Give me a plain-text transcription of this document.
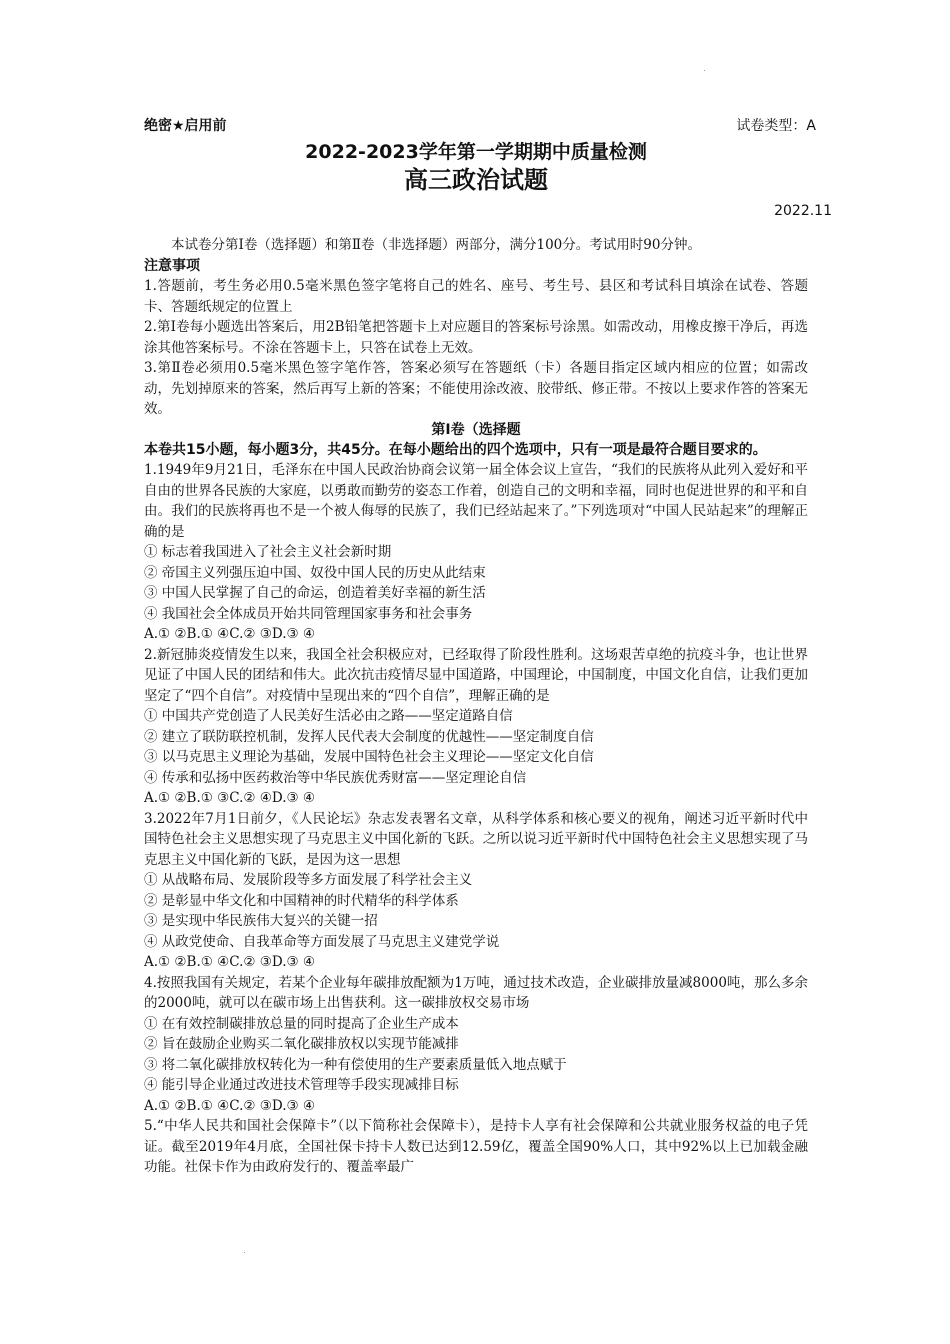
绝密★启用前	试卷类型：A
2022-2023学年第一学期期中质量检测
高三政治试题
2022.11

本试卷分第Ⅰ卷（选择题）和第Ⅱ卷（非选择题）两部分，满分100分。考试用时90分钟。

注意事项

1.答题前，考生务必用0.5毫米黑色签字笔将自己的姓名、座号、考生号、县区和考试科目填涂在试卷、答题卡、答题纸规定的位置上

2.第Ⅰ卷每小题选出答案后，用2B铅笔把答题卡上对应题目的答案标号涂黑。如需改动，用橡皮擦干净后，再选涂其他答案标号。不涂在答题卡上，只答在试卷上无效。

3.第Ⅱ卷必须用0.5毫米黑色签字笔作答，答案必须写在答题纸（卡）各题目指定区域内相应的位置；如需改动，先划掉原来的答案，然后再写上新的答案；不能使用涂改液、胶带纸、修正带。不按以上要求作答的答案无效。

第Ⅰ卷（选择题

本卷共15小题，每小题3分，共45分。在每小题给出的四个选项中，只有一项是最符合题目要求的。

1.1949年9月21日，毛泽东在中国人民政治协商会议第一届全体会议上宣告，“我们的民族将从此列入爱好和平自由的世界各民族的大家庭，以勇敢而勤劳的姿态工作着，创造自己的文明和幸福，同时也促进世界的和平和自由。我们的民族将再也不是一个被人侮辱的民族了，我们已经站起来了。”下列选项对“中国人民站起来”的理解正确的是

① 标志着我国进入了社会主义社会新时期

② 帝国主义列强压迫中国、奴役中国人民的历史从此结束

③ 中国人民掌握了自己的命运，创造着美好幸福的新生活

④ 我国社会全体成员开始共同管理国家事务和社会事务

A.① ②B.① ④C.② ③D.③ ④

2.新冠肺炎疫情发生以来，我国全社会积极应对，已经取得了阶段性胜利。这场艰苦卓绝的抗疫斗争，也让世界见证了中国人民的团结和伟大。此次抗击疫情尽显中国道路，中国理论，中国制度，中国文化自信，让我们更加坚定了“四个自信”。对疫情中呈现出来的“四个自信”，理解正确的是

① 中国共产党创造了人民美好生活必由之路——坚定道路自信

② 建立了联防联控机制，发挥人民代表大会制度的优越性——坚定制度自信

③ 以马克思主义理论为基础，发展中国特色社会主义理论——坚定文化自信

④ 传承和弘扬中医药救治等中华民族优秀财富——坚定理论自信

A.① ②B.① ③C.② ④D.③ ④

3.2022年7月1日前夕，《人民论坛》杂志发表署名文章，从科学体系和核心要义的视角，阐述习近平新时代中国特色社会主义思想实现了马克思主义中国化新的飞跃。之所以说习近平新时代中国特色社会主义思想实现了马克思主义中国化新的飞跃，是因为这一思想

① 从战略布局、发展阶段等多方面发展了科学社会主义

② 是彰显中华文化和中国精神的时代精华的科学体系

③ 是实现中华民族伟大复兴的关键一招

④ 从政党使命、自我革命等方面发展了马克思主义建党学说

A.① ②B.① ④C.② ③D.③ ④

4.按照我国有关规定，若某个企业每年碳排放配额为1万吨，通过技术改造，企业碳排放量减8000吨，那么多余的2000吨，就可以在碳市场上出售获利。这一碳排放权交易市场

① 在有效控制碳排放总量的同时提高了企业生产成本

② 旨在鼓励企业购买二氧化碳排放权以实现节能减排

③ 将二氧化碳排放权转化为一种有偿使用的生产要素质量低入地点赋于

④ 能引导企业通过改进技术管理等手段实现减排目标

A.① ②B.① ④C.② ③D.③ ④

5.“中华人民共和国社会保障卡”（以下简称社会保障卡），是持卡人享有社会保障和公共就业服务权益的电子凭证。截至2019年4月底，全国社保卡持卡人数已达到12.59亿，覆盖全国90%人口，其中92%以上已加载金融功能。社保卡作为由政府发行的、覆盖率最广
